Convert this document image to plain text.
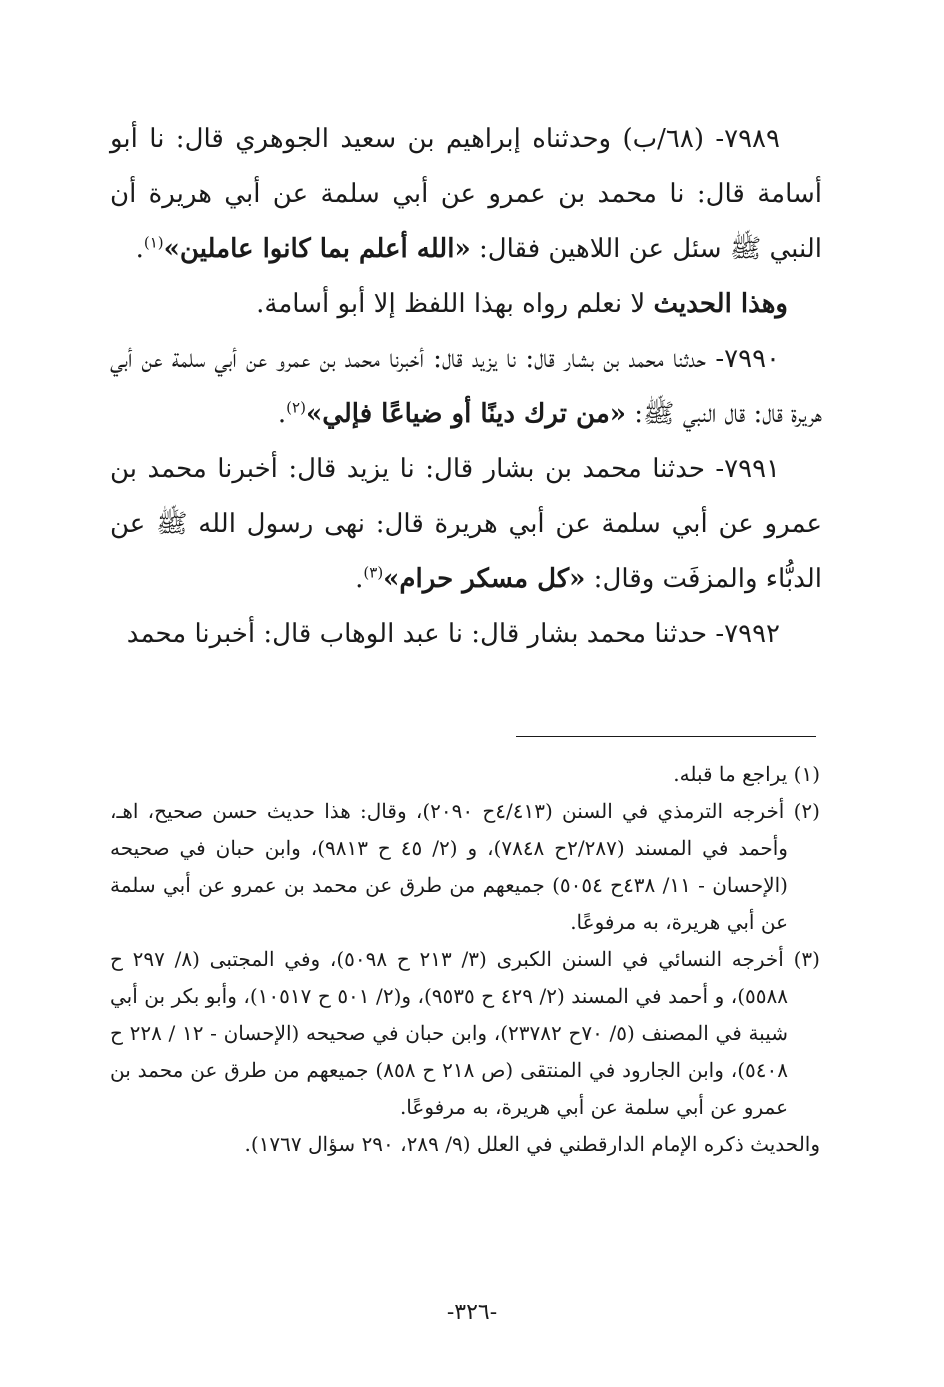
٧٩٨٩- (٦٨/ب) وحدثناه إبراهيم بن سعيد الجوهري قال: نا أبو أسامة قال: نا محمد بن عمرو عن أبي سلمة عن أبي هريرة أن النبي ﷺ سئل عن اللاهين فقال: «الله أعلم بما كانوا عاملين»$^{(١)}$.

وهذا الحديث لا نعلم رواه بهذا اللفظ إلا أبو أسامة.

٧٩٩٠- حدثنا محمد بن بشار قال: نا يزيد قال: أخبرنا محمد بن عمرو عن أبي سلمة عن أبي هريرة قال: قال النبي ﷺ: «من ترك دينًا أو ضياعًا فإلي»$^{(٢)}$.

٧٩٩١- حدثنا محمد بن بشار قال: نا يزيد قال: أخبرنا محمد بن عمرو عن أبي سلمة عن أبي هريرة قال: نهى رسول الله ﷺ عن الدبُّاء والمزفَت وقال: «كل مسكر حرام»$^{(٣)}$.

٧٩٩٢- حدثنا محمد بشار قال: نا عبد الوهاب قال: أخبرنا محمد

(١) يراجع ما قبله.

(٢) أخرجه الترمذي في السنن (٤/٤١٣ح ٢٠٩٠)، وقال: هذا حديث حسن صحيح، اهـ، وأحمد في المسند (٢/٢٨٧ح ٧٨٤٨)، و (٢/ ٤٥ ح ٩٨١٣)، وابن حبان في صحيحه (الإحسان - ١١/ ٤٣٨ح ٥٠٥٤) جميعهم من طرق عن محمد بن عمرو عن أبي سلمة عن أبي هريرة، به مرفوعًا.

(٣) أخرجه النسائي في السنن الكبرى (٣/ ٢١٣ ح ٥٠٩٨)، وفي المجتبى (٨/ ٢٩٧ ح ٥٥٨٨)، و أحمد في المسند (٢/ ٤٢٩ ح ٩٥٣٥)، و(٢/ ٥٠١ ح ١٠٥١٧)، وأبو بكر بن أبي شيبة في المصنف (٥/ ٧٠ح ٢٣٧٨٢)، وابن حبان في صحيحه (الإحسان - ١٢ / ٢٢٨ ح ٥٤٠٨)، وابن الجارود في المنتقى (ص ٢١٨ ح ٨٥٨) جميعهم من طرق عن محمد بن عمرو عن أبي سلمة عن أبي هريرة، به مرفوعًا.

والحديث ذكره الإمام الدارقطني في العلل (٩/ ٢٨٩، ٢٩٠ سؤال ١٧٦٧).

-٣٢٦-
